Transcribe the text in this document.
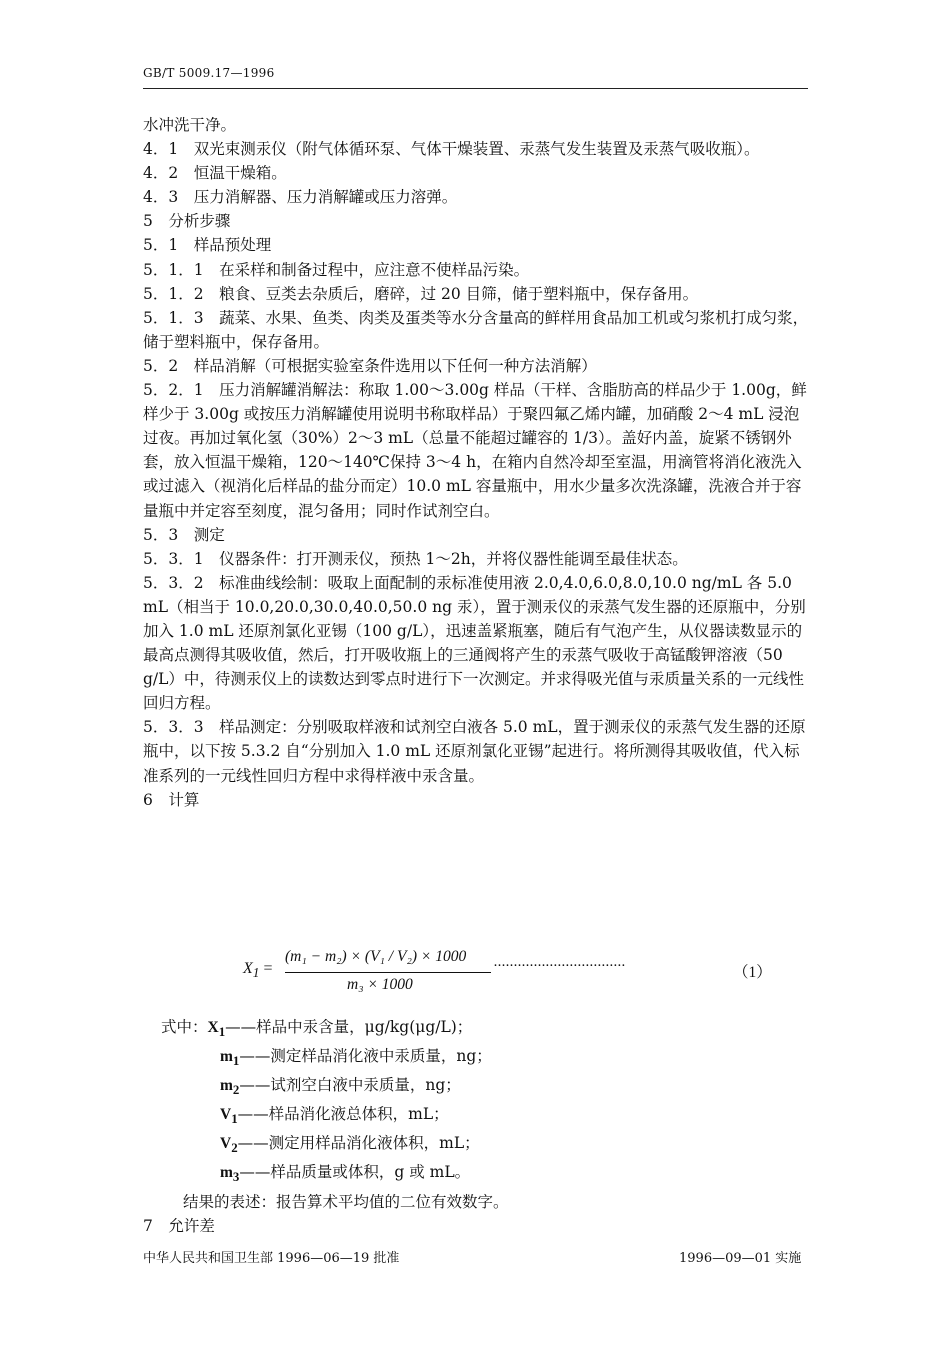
GB/T 5009.17—1996

水冲洗干净。

4．1　双光束测汞仪（附气体循环泵、气体干燥装置、汞蒸气发生装置及汞蒸气吸收瓶）。

4．2　恒温干燥箱。

4．3　压力消解器、压力消解罐或压力溶弹。

5　分析步骤

5．1　样品预处理

5．1．1　在采样和制备过程中，应注意不使样品污染。

5．1．2　粮食、豆类去杂质后，磨碎，过 20 目筛，储于塑料瓶中，保存备用。

5．1．3　蔬菜、水果、鱼类、肉类及蛋类等水分含量高的鲜样用食品加工机或匀浆机打成匀浆，储于塑料瓶中，保存备用。

5．2　样品消解（可根据实验室条件选用以下任何一种方法消解）

5．2．1　压力消解罐消解法：称取 1.00～3.00g 样品（干样、含脂肪高的样品少于 1.00g，鲜样少于 3.00g 或按压力消解罐使用说明书称取样品）于聚四氟乙烯内罐，加硝酸 2～4 mL 浸泡过夜。再加过氧化氢（30%）2～3 mL（总量不能超过罐容的 1/3）。盖好内盖，旋紧不锈钢外套，放入恒温干燥箱，120～140℃保持 3～4 h，在箱内自然冷却至室温，用滴管将消化液洗入或过滤入（视消化后样品的盐分而定）10.0 mL 容量瓶中，用水少量多次洗涤罐，洗液合并于容量瓶中并定容至刻度，混匀备用；同时作试剂空白。

5．3　测定

5．3．1　仪器条件：打开测汞仪，预热 1～2h，并将仪器性能调至最佳状态。

5．3．2　标准曲线绘制：吸取上面配制的汞标准使用液 2.0,4.0,6.0,8.0,10.0 ng/mL 各 5.0 mL（相当于 10.0,20.0,30.0,40.0,50.0 ng 汞），置于测汞仪的汞蒸气发生器的还原瓶中，分别加入 1.0 mL 还原剂氯化亚锡（100 g/L），迅速盖紧瓶塞，随后有气泡产生，从仪器读数显示的最高点测得其吸收值，然后，打开吸收瓶上的三通阀将产生的汞蒸气吸收于高锰酸钾溶液（50 g/L）中，待测汞仪上的读数达到零点时进行下一次测定。并求得吸光值与汞质量关系的一元线性回归方程。

5．3．3　样品测定：分别吸取样液和试剂空白液各 5.0 mL，置于测汞仪的汞蒸气发生器的还原瓶中，以下按 5.3.2 自“分别加入 1.0 mL 还原剂氯化亚锡”起进行。将所测得其吸收值，代入标准系列的一元线性回归方程中求得样液中汞含量。

6　计算

$X_1$ =
(m₁ − m₂) × (V₁ / V₂) × 1000
m₃ × 1000
·································	（1）

式中：$X_1——$样品中汞含量，μg/kg(μg/L)；

$m_1——$测定样品消化液中汞质量，ng；

$m_2——$试剂空白液中汞质量，ng；

$V_1——$样品消化液总体积，mL；

$V_2——$测定用样品消化液体积，mL；

$m_3——$样品质量或体积，g 或 mL。

结果的表述：报告算术平均值的二位有效数字。

7　允许差

中华人民共和国卫生部 1996—06—19 批准	1996—09—01 实施
